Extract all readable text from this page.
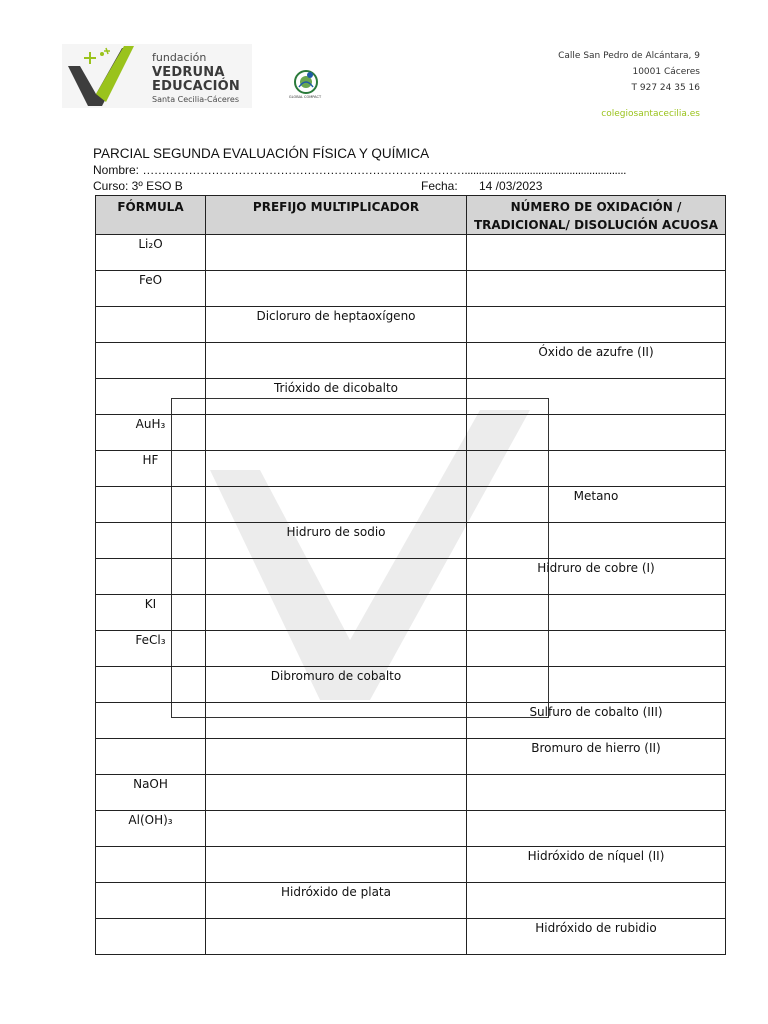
fundación
VEDRUNA
EDUCACIÓN
Santa Cecilia-Cáceres	GLOBAL COMPACT
Calle San Pedro de Alcántara, 9
10001 Cáceres
T 927 24 35 16
colegiosantacecilia.es
PARCIAL SEGUNDA EVALUACIÓN FÍSICA Y QUÍMICA
Nombre: ………………………………………………………………………….........................................................
Curso: 3º ESO B	Fecha: 14 /03/2023
FÓRMULA	PREFIJO MULTIPLICADOR	NÚMERO DE OXIDACIÓN / TRADICIONAL/ DISOLUCIÓN ACUOSA
Li₂O		
FeO		
	Dicloruro de heptaoxígeno	
		Óxido de azufre (II)
	Trióxido de dicobalto	
AuH₃		
HF		
		Metano
	Hidruro de sodio	
		Hidruro de cobre (I)
KI		
FeCl₃		
	Dibromuro de cobalto	
		Sulfuro de cobalto (III)
		Bromuro de hierro (II)
NaOH		
Al(OH)₃		
		Hidróxido de níquel (II)
	Hidróxido de plata	
		Hidróxido de rubidio
